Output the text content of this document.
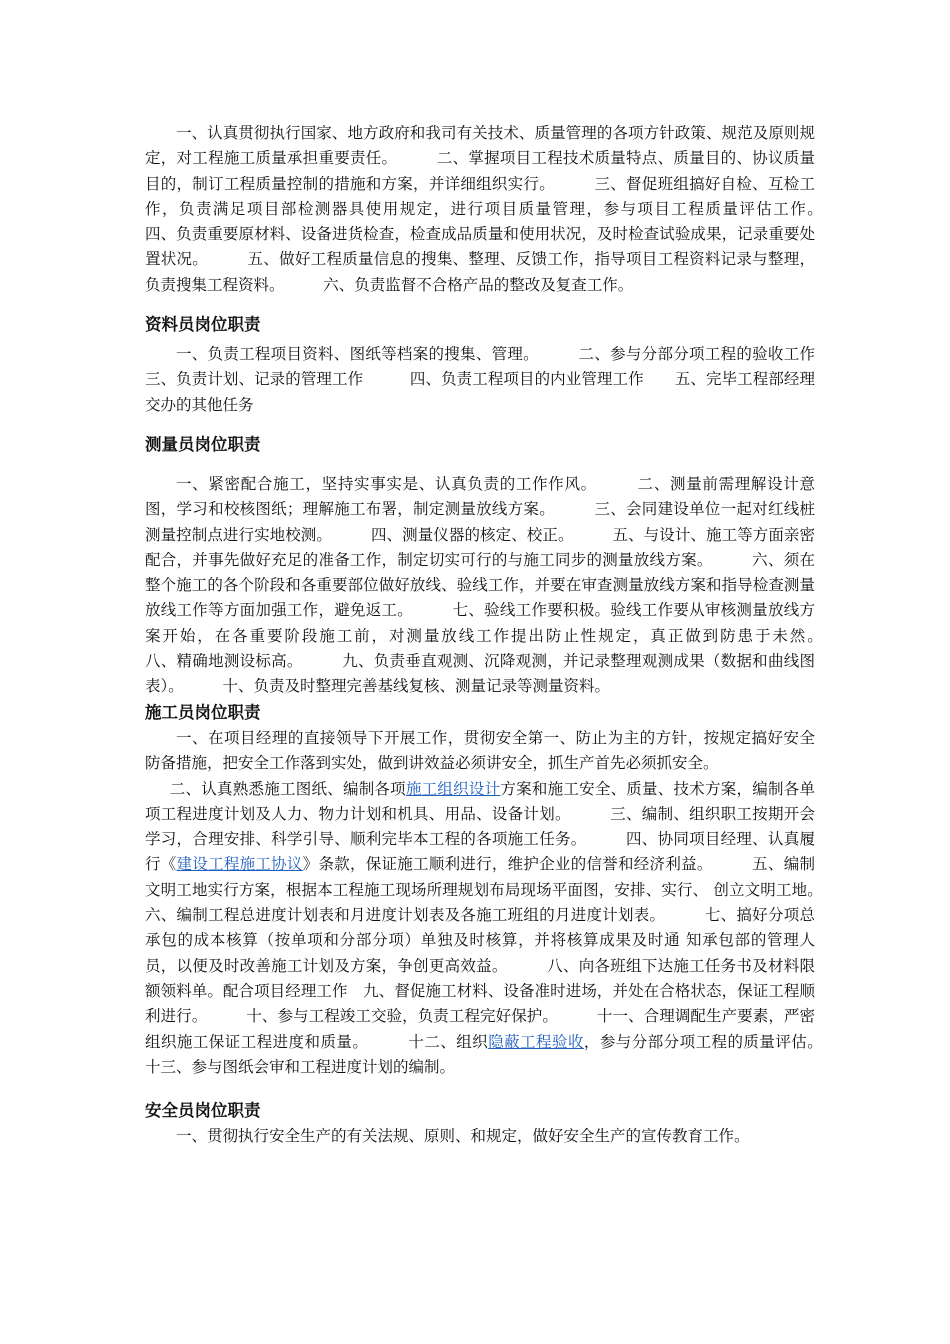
一、认真贯彻执行国家、地方政府和我司有关技术、质量管理的各项方针政策、规范及原则规定，对工程施工质量承担重要责任。　　　二、掌握项目工程技术质量特点、质量目的、协议质量目的，制订工程质量控制的措施和方案，并详细组织实行。　　　三、督促班组搞好自检、互检工作，负责满足项目部检测器具使用规定，进行项目质量管理，参与项目工程质量评估工作。　　　四、负责重要原材料、设备进货检查，检查成品质量和使用状况，及时检查试验成果，记录重要处置状况。　　　五、做好工程质量信息的搜集、整理、反馈工作，指导项目工程资料记录与整理，负责搜集工程资料。　　　六、负责监督不合格产品的整改及复查工作。

资料员岗位职责

一、负责工程项目资料、图纸等档案的搜集、管理。　　　二、参与分部分项工程的验收工作　　　三、负责计划、记录的管理工作　　　四、负责工程项目的内业管理工作　　五、完毕工程部经理交办的其他任务

测量员岗位职责

一、紧密配合施工，坚持实事实是、认真负责的工作作风。　　　二、测量前需理解设计意图，学习和校核图纸；理解施工布署，制定测量放线方案。　　　三、会同建设单位一起对红线桩测量控制点进行实地校测。　　　四、测量仪器的核定、校正。　　　五、与设计、施工等方面亲密配合，并事先做好充足的准备工作，制定切实可行的与施工同步的测量放线方案。　　　六、须在整个施工的各个阶段和各重要部位做好放线、验线工作，并要在审查测量放线方案和指导检查测量放线工作等方面加强工作，避免返工。　　　七、验线工作要积极。验线工作要从审核测量放线方案开始，在各重要阶段施工前，对测量放线工作提出防止性规定，真正做到防患于未然。　　　八、精确地测设标高。　　　九、负责垂直观测、沉降观测，并记录整理观测成果（数据和曲线图表）。　　　十、负责及时整理完善基线复核、测量记录等测量资料。

施工员岗位职责

一、在项目经理的直接领导下开展工作，贯彻安全第一、防止为主的方针，按规定搞好安全 防备措施，把安全工作落到实处，做到讲效益必须讲安全，抓生产首先必须抓安全。

二、认真熟悉施工图纸、编制各项施工组织设计方案和施工安全、质量、技术方案，编制各单项工程进度计划及人力、物力计划和机具、用品、设备计划。　　　三、编制、组织职工按期开会学习，合理安排、科学引导、顺利完毕本工程的各项施工任务。　　　四、协同项目经理、认真履行《建设工程施工协议》条款，保证施工顺利进行，维护企业的信誉和经济利益。　　　五、编制文明工地实行方案，根据本工程施工现场所理规划布局现场平面图，安排、实行、 创立文明工地。　　　六、编制工程总进度计划表和月进度计划表及各施工班组的月进度计划表。　　　七、搞好分项总承包的成本核算（按单项和分部分项）单独及时核算，并将核算成果及时通 知承包部的管理人员，以便及时改善施工计划及方案，争创更高效益。　　　八、向各班组下达施工任务书及材料限额领料单。配合项目经理工作　九、督促施工材料、设备准时进场，并处在合格状态，保证工程顺利进行。　　　十、参与工程竣工交验，负责工程完好保护。　　　十一、合理调配生产要素，严密组织施工保证工程进度和质量。　　　十二、组织隐蔽工程验收，参与分部分项工程的质量评估。　　　十三、参与图纸会审和工程进度计划的编制。

安全员岗位职责

一、贯彻执行安全生产的有关法规、原则、和规定，做好安全生产的宣传教育工作。
